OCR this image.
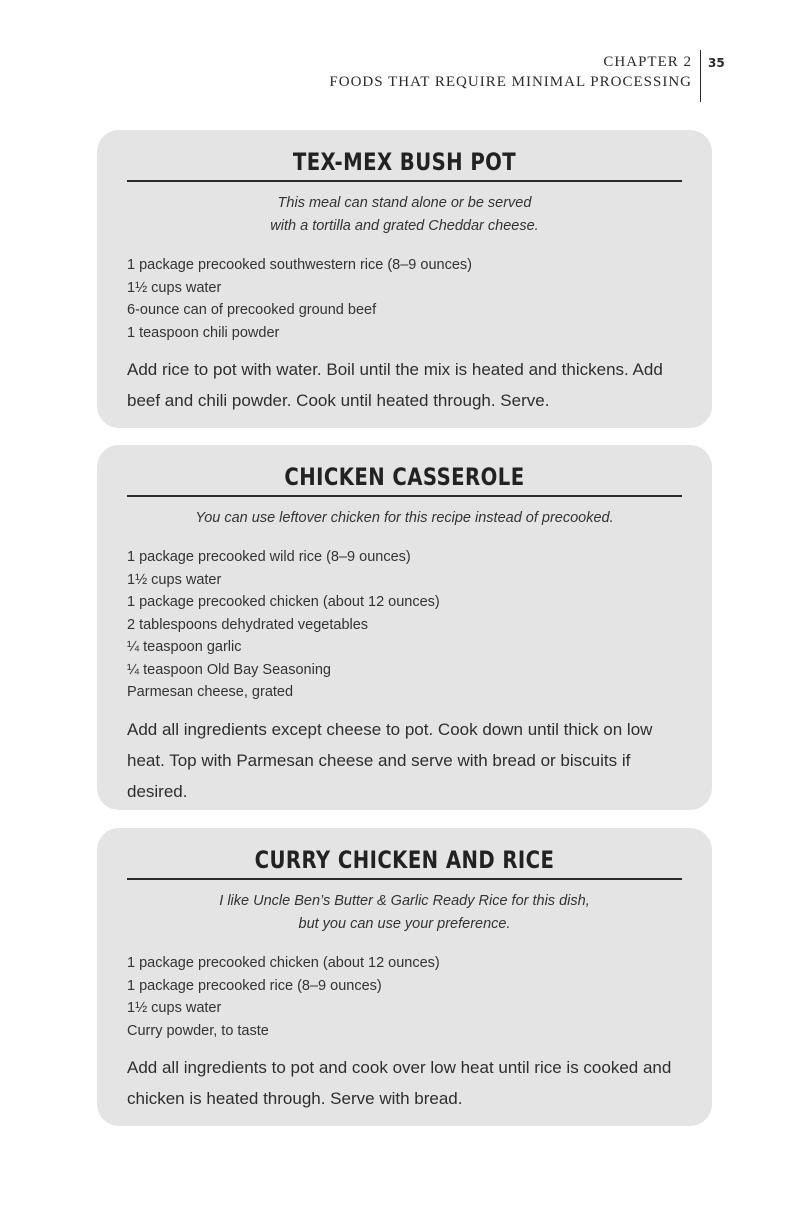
CHAPTER 2
FOODS THAT REQUIRE MINIMAL PROCESSING
35
TEX-MEX BUSH POT
This meal can stand alone or be served
with a tortilla and grated Cheddar cheese.
1 package precooked southwestern rice (8–9 ounces)
1½ cups water
6-ounce can of precooked ground beef
1 teaspoon chili powder

Add rice to pot with water. Boil until the mix is heated and thickens. Add beef and chili powder. Cook until heated through. Serve.

CHICKEN CASSEROLE
You can use leftover chicken for this recipe instead of precooked.
1 package precooked wild rice (8–9 ounces)
1½ cups water
1 package precooked chicken (about 12 ounces)
2 tablespoons dehydrated vegetables
¼ teaspoon garlic
¼ teaspoon Old Bay Seasoning
Parmesan cheese, grated

Add all ingredients except cheese to pot. Cook down until thick on low heat. Top with Parmesan cheese and serve with bread or biscuits if desired.

CURRY CHICKEN AND RICE
I like Uncle Ben’s Butter & Garlic Ready Rice for this dish,
but you can use your preference.
1 package precooked chicken (about 12 ounces)
1 package precooked rice (8–9 ounces)
1½ cups water
Curry powder, to taste

Add all ingredients to pot and cook over low heat until rice is cooked and chicken is heated through. Serve with bread.
